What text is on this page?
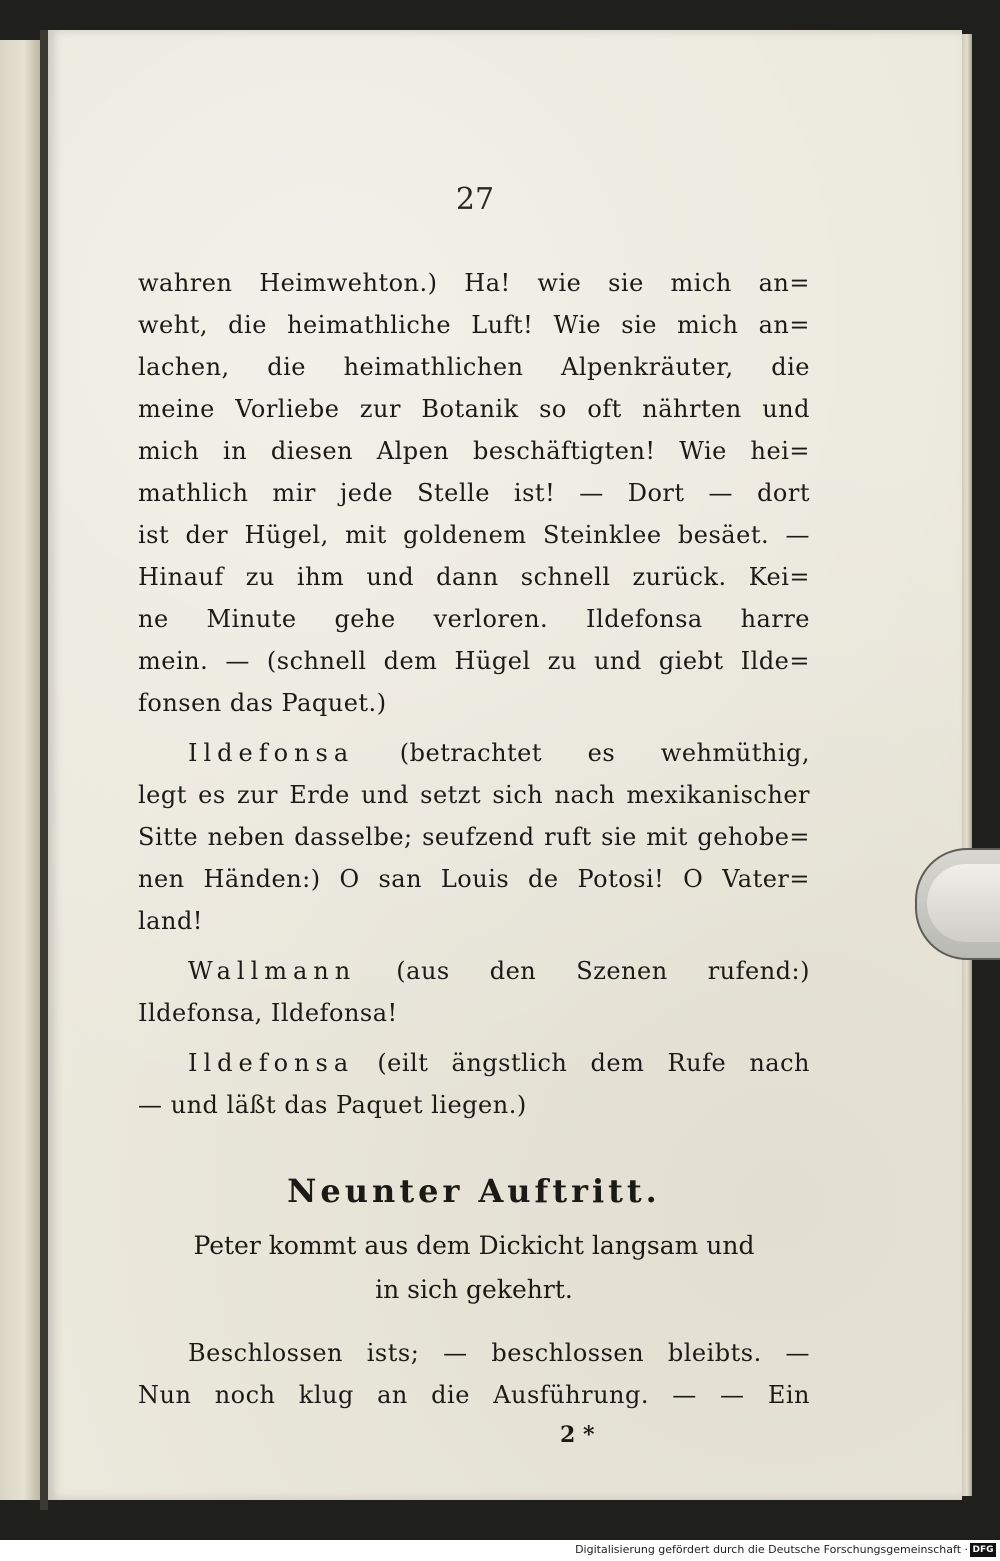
27
wahren Heimwehton.) Ha! wie sie mich an=
weht, die heimathliche Luft! Wie sie mich an=
lachen, die heimathlichen Alpenkräuter, die
meine Vorliebe zur Botanik so oft nährten und
mich in diesen Alpen beschäftigten! Wie hei=
mathlich mir jede Stelle ist! — Dort — dort
ist der Hügel, mit goldenem Steinklee besäet. —
Hinauf zu ihm und dann schnell zurück. Kei=
ne Minute gehe verloren. Ildefonsa harre
mein. — (schnell dem Hügel zu und giebt Ilde=
fonsen das Paquet.)
Ildefonsa (betrachtet es wehmüthig,
legt es zur Erde und setzt sich nach mexikanischer
Sitte neben dasselbe; seufzend ruft sie mit gehobe=
nen Händen:) O san Louis de Potosi! O Vater=
land!
Wallmann (aus den Szenen rufend:)
Ildefonsa, Ildefonsa!
Ildefonsa (eilt ängstlich dem Rufe nach
— und läßt das Paquet liegen.)
Neunter Auftritt.
Peter kommt aus dem Dickicht langsam und
in sich gekehrt.
Beschlossen ists; — beschlossen bleibts. —
Nun noch klug an die Ausführung. — — Ein
2 *
Digitalisierung gefördert durch die Deutsche Forschungsgemeinschaft · DFG
